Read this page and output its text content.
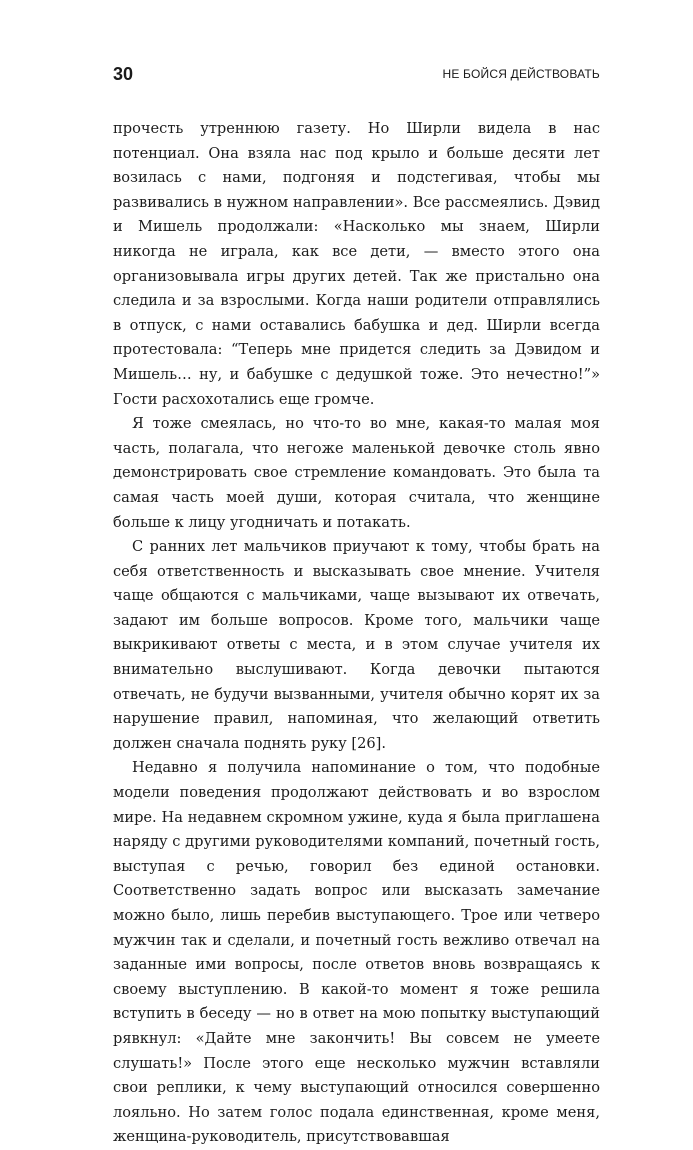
30	НЕ БОЙСЯ ДЕЙСТВОВАТЬ

прочесть утреннюю газету. Но Ширли видела в нас потенциал. Она взяла нас под крыло и больше десяти лет возилась с нами, подгоняя и подстегивая, чтобы мы развивались в нужном направлении». Все рассмеялись. Дэвид и Мишель продолжали: «Насколько мы знаем, Ширли никогда не играла, как все дети, — вместо этого она организовывала игры других детей. Так же пристально она следила и за взрослыми. Когда наши родители отправлялись в отпуск, с нами оставались бабушка и дед. Ширли всегда протестовала: “Теперь мне придется следить за Дэвидом и Мишель… ну, и бабушке с дедушкой тоже. Это нечестно!”» Гости расхохотались еще громче.

Я тоже смеялась, но что-то во мне, какая-то малая моя часть, полагала, что негоже маленькой девочке столь явно демонстрировать свое стремление командовать. Это была та самая часть моей души, которая считала, что женщине больше к лицу угодничать и потакать.

С ранних лет мальчиков приучают к тому, чтобы брать на себя ответственность и высказывать свое мнение. Учителя чаще общаются с мальчиками, чаще вызывают их отвечать, задают им больше вопросов. Кроме того, мальчики чаще выкрикивают ответы с места, и в этом случае учителя их внимательно выслушивают. Когда девочки пытаются отвечать, не будучи вызванными, учителя обычно корят их за нарушение правил, напоминая, что желающий ответить должен сначала поднять руку [26].

Недавно я получила напоминание о том, что подобные модели поведения продолжают действовать и во взрослом мире. На недавнем скромном ужине, куда я была приглашена наряду с другими руководителями компаний, почетный гость, выступая с речью, говорил без единой остановки. Соответственно задать вопрос или высказать замечание можно было, лишь перебив выступающего. Трое или четверо мужчин так и сделали, и почетный гость вежливо отвечал на заданные ими вопросы, после ответов вновь возвращаясь к своему выступлению. В какой-то момент я тоже решила вступить в беседу — но в ответ на мою попытку выступающий рявкнул: «Дайте мне закончить! Вы совсем не умеете слушать!» После этого еще несколько мужчин вставляли свои реплики, к чему выступающий относился совершенно лояльно. Но затем голос подала единственная, кроме меня, женщина-руководитель, присутствовавшая
